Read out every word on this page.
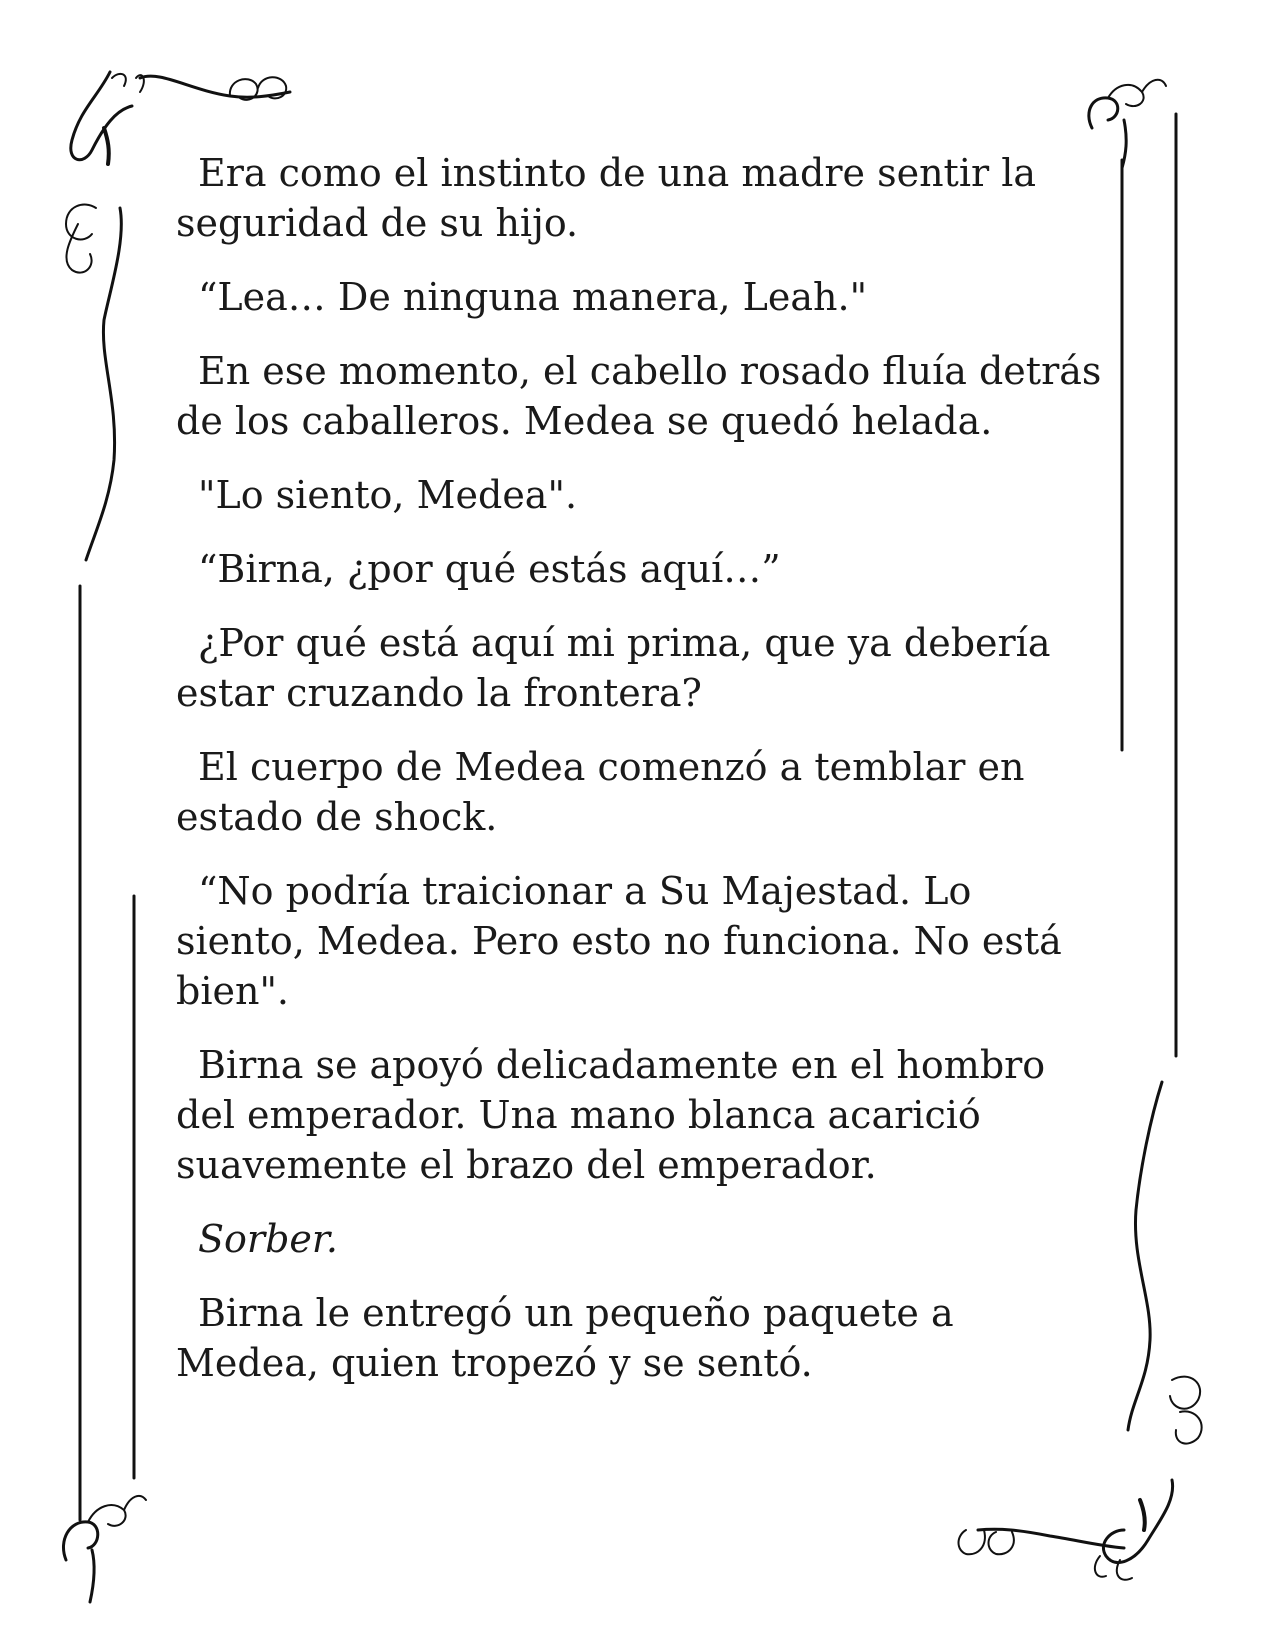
Era como el instinto de una madre sentir la seguridad de su hijo.

“Lea… De ninguna manera, Leah."

En ese momento, el cabello rosado fluía detrás de los caballeros. Medea se quedó helada.

"Lo siento, Medea".

“Birna, ¿por qué estás aquí…”

¿Por qué está aquí mi prima, que ya debería estar cruzando la frontera?

El cuerpo de Medea comenzó a temblar en estado de shock.

“No podría traicionar a Su Majestad. Lo siento, Medea. Pero esto no funciona. No está bien".

Birna se apoyó delicadamente en el hombro del emperador. Una mano blanca acarició suavemente el brazo del emperador.

Sorber.

Birna le entregó un pequeño paquete a Medea, quien tropezó y se sentó.
